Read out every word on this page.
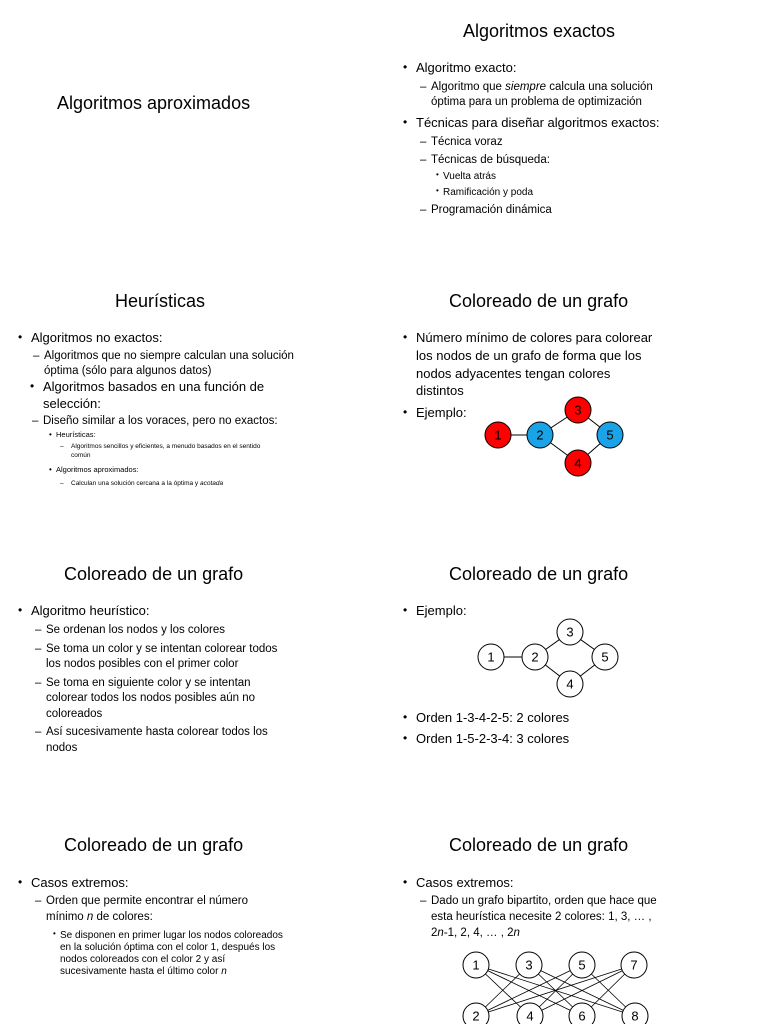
Algoritmos aproximados
Algoritmos exactos
• Algoritmo exacto:
– Algoritmo que siempre calcula una solución
óptima para un problema de optimización
• Técnicas para diseñar algoritmos exactos:
– Técnica voraz
– Técnicas de búsqueda:
• Vuelta atrás
• Ramificación y poda
– Programación dinámica
Heurísticas
• Algoritmos no exactos:
– Algoritmos que no siempre calculan una solución
óptima (sólo para algunos datos)
• Algoritmos basados en una función de
selección:
– Diseño similar a los voraces, pero no exactos:
• Heurísticas:
– Algoritmos sencillos y eficientes, a menudo basados en el sentido
común
• Algoritmos aproximados:
– Calculan una solución cercana a la óptima y acotada
Coloreado de un grafo
• Número mínimo de colores para colorear
los nodos de un grafo de forma que los
nodos adyacentes tengan colores
distintos
• Ejemplo:
1	2
3
4
5
Coloreado de un grafo
• Algoritmo heurístico:
– Se ordenan los nodos y los colores
– Se toma un color y se intentan colorear todos
los nodos posibles con el primer color
– Se toma en siguiente color y se intentan
colorear todos los nodos posibles aún no
coloreados
– Así sucesivamente hasta colorear todos los
nodos
Coloreado de un grafo
• Ejemplo:
1	2
3
4
5
• Orden 1-3-4-2-5: 2 colores
• Orden 1-5-2-3-4: 3 colores
Coloreado de un grafo
• Casos extremos:
– Orden que permite encontrar el número
mínimo n de colores:
• Se disponen en primer lugar los nodos coloreados
en la solución óptima con el color 1, después los
nodos coloreados con el color 2 y así
sucesivamente hasta el último color n
Coloreado de un grafo
• Casos extremos:
– Dado un grafo bipartito, orden que hace que
esta heurística necesite 2 colores: 1, 3, … ,
2n-1, 2, 4, … , 2n
1	3	5	7
2	4	6	8
